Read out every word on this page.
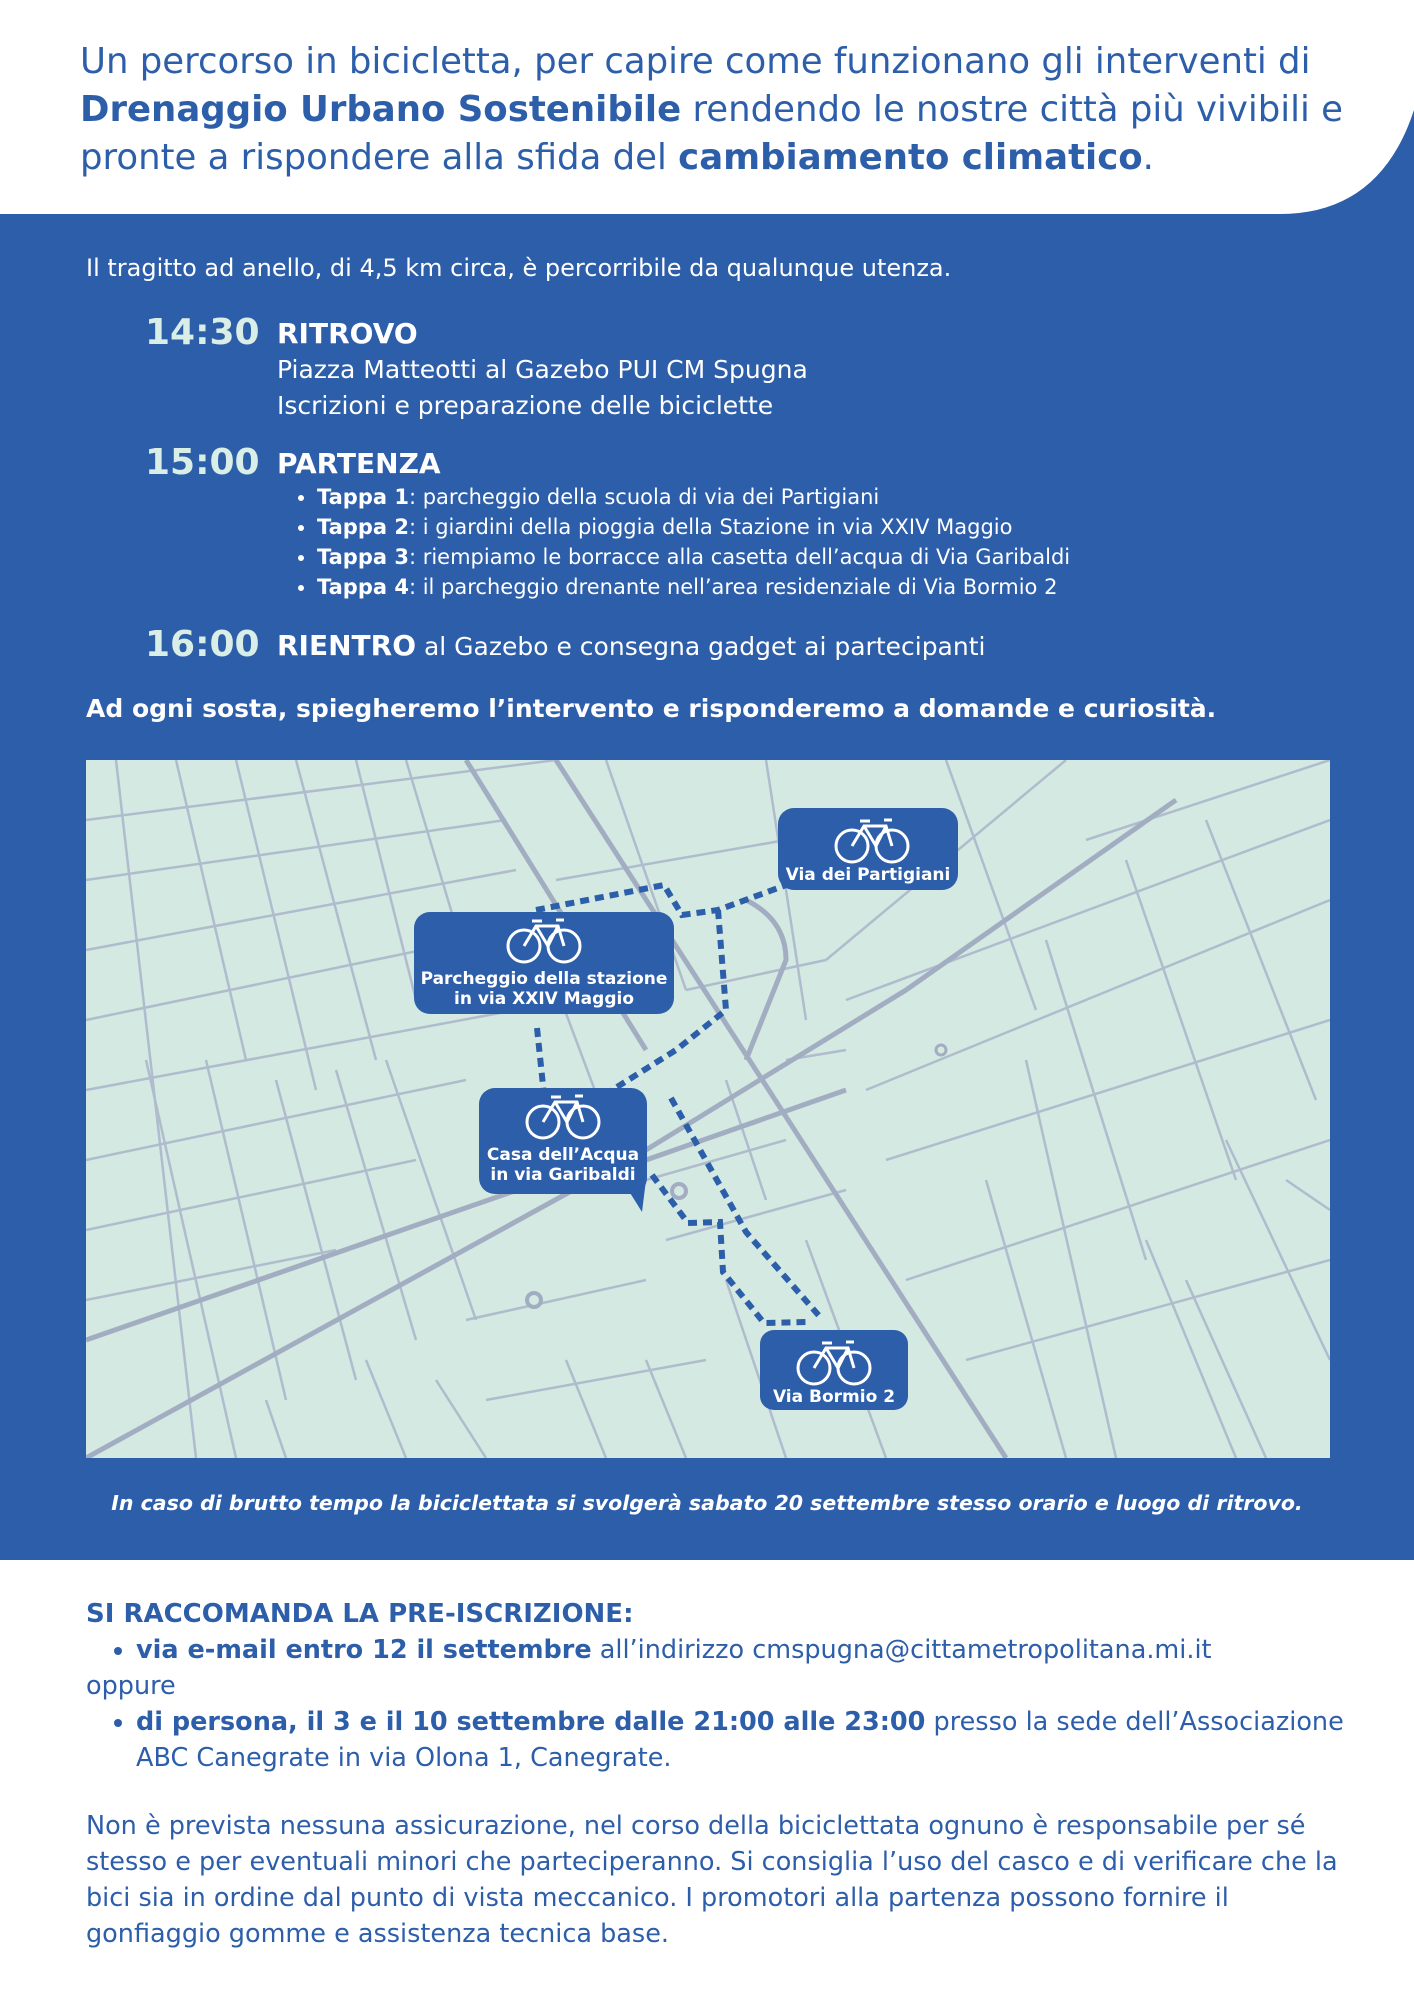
Un percorso in bicicletta, per capire come funzionano gli interventi di Drenaggio Urbano Sostenibile rendendo le nostre città più vivibili e pronte a rispondere alla sfida del cambiamento climatico.

Il tragitto ad anello, di 4,5 km circa, è percorribile da qualunque utenza.
14:30 RITROVO
Piazza Matteotti al Gazebo PUI CM Spugna
Iscrizioni e preparazione delle biciclette
15:00 PARTENZA
• Tappa 1: parcheggio della scuola di via dei Partigiani
• Tappa 2: i giardini della pioggia della Stazione in via XXIV Maggio
• Tappa 3: riempiamo le borracce alla casetta dell’acqua di Via Garibaldi
• Tappa 4: il parcheggio drenante nell’area residenziale di Via Bormio 2
16:00 RIENTRO al Gazebo e consegna gadget ai partecipanti
Ad ogni sosta, spiegheremo l’intervento e risponderemo a domande e curiosità.
Via dei Partigiani
Parcheggio della stazione
in via XXIV Maggio
Casa dell’Acqua
in via Garibaldi
Via Bormio 2
In caso di brutto tempo la biciclettata si svolgerà sabato 20 settembre stesso orario e luogo di ritrovo.
SI RACCOMANDA LA PRE-ISCRIZIONE:
• via e-mail entro 12 il settembre all’indirizzo cmspugna@cittametropolitana.mi.it

oppure

• di persona, il 3 e il 10 settembre dalle 21:00 alle 23:00 presso la sede dell’Associazione ABC Canegrate in via Olona 1, Canegrate.

Non è prevista nessuna assicurazione, nel corso della biciclettata ognuno è responsabile per sé stesso e per eventuali minori che parteciperanno. Si consiglia l’uso del casco e di verificare che la bici sia in ordine dal punto di vista meccanico. I promotori alla partenza possono fornire il gonfiaggio gomme e assistenza tecnica base.
